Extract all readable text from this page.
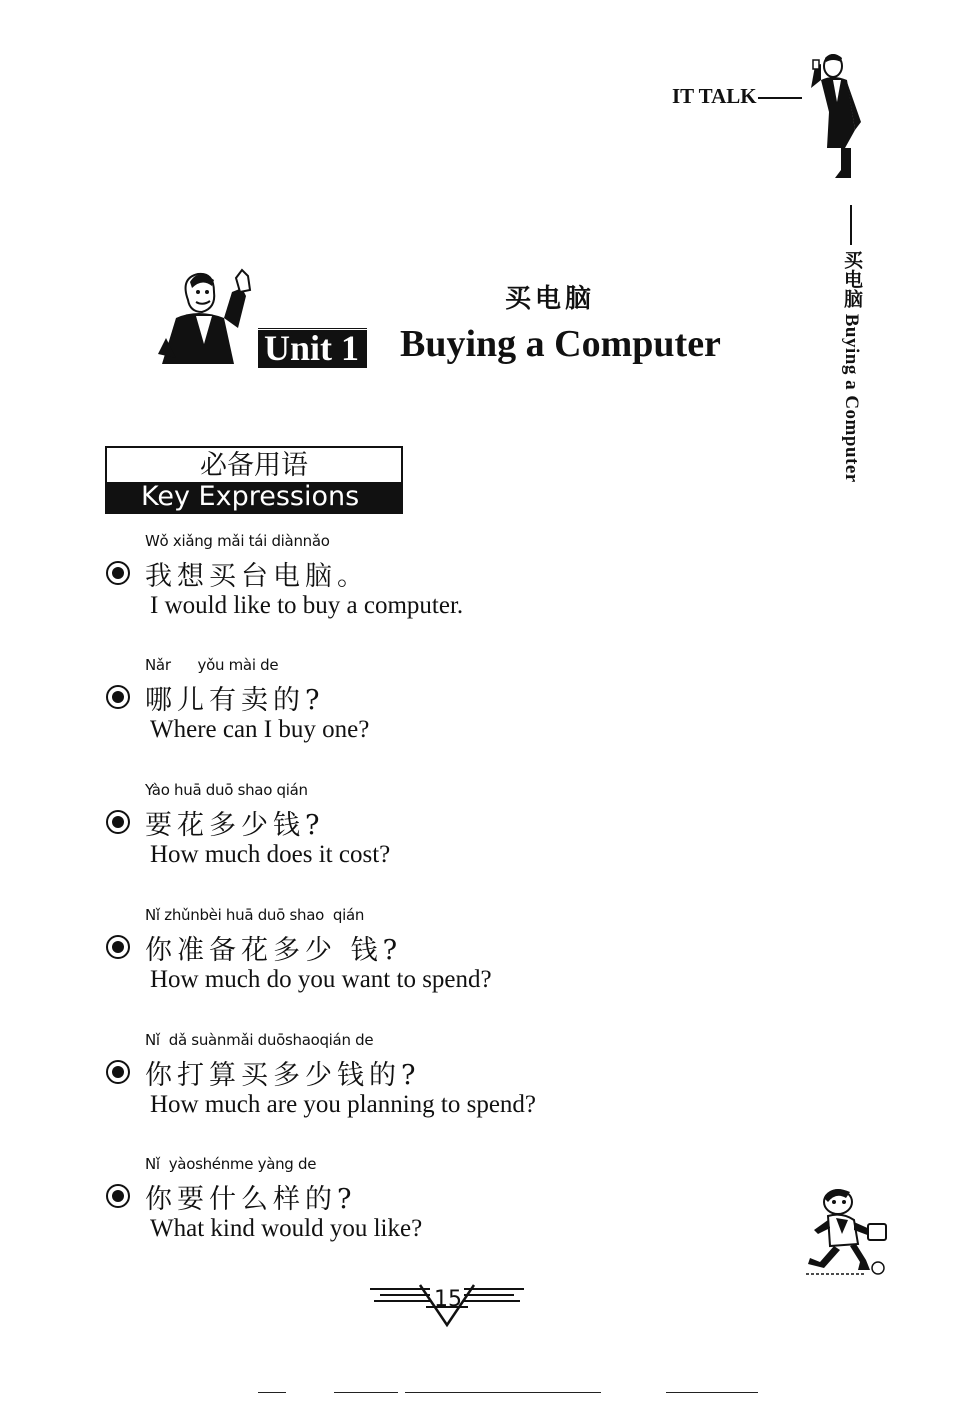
IT TALK
买电脑 Buying a Computer
买电脑
Unit 1 Buying a Computer
必备用语
Key Expressions
Wǒ xiǎng mǎi tái diànnǎo
我想买台电脑。
I would like to buy a computer.
Nǎr      yǒu mài de
哪儿有卖的?
Where can I buy one?
Yào huā duō shao qián
要花多少钱?
How much does it cost?
Nǐ zhǔnbèi huā duō shao  qián
你准备花多少 钱?
How much do you want to spend?
Nǐ  dǎ suànmǎi duōshaoqián de
你打算买多少钱的?
How much are you planning to spend?
Nǐ  yàoshénme yàng de
你要什么样的?
What kind would you like?
15
